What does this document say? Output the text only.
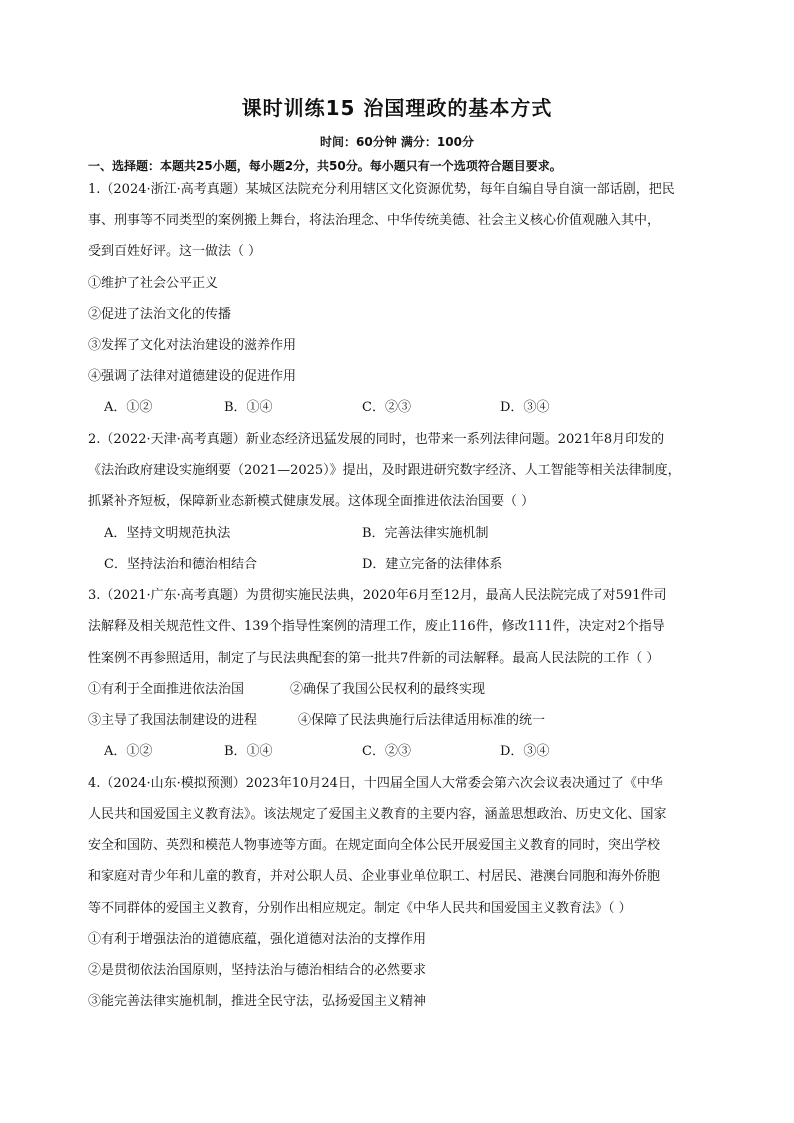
课时训练15 治国理政的基本方式
时间：60分钟 满分：100分
一、选择题：本题共25小题，每小题2分，共50分。每小题只有一个选项符合题目要求。
1.（2024·浙江·高考真题）某城区法院充分利用辖区文化资源优势，每年自编自导自演一部话剧，把民
事、刑事等不同类型的案例搬上舞台，将法治理念、中华传统美德、社会主义核心价值观融入其中，
受到百姓好评。这一做法（ ）
①维护了社会公平正义
②促进了法治文化的传播
③发挥了文化对法治建设的滋养作用
④强调了法律对道德建设的促进作用
A．①②	B．①④	C．②③	D．③④
2.（2022·天津·高考真题）新业态经济迅猛发展的同时，也带来一系列法律问题。2021年8月印发的
《法治政府建设实施纲要（2021—2025）》提出，及时跟进研究数字经济、人工智能等相关法律制度，
抓紧补齐短板，保障新业态新模式健康发展。这体现全面推进依法治国要（ ）
A．坚持文明规范执法	B．完善法律实施机制
C．坚持法治和德治相结合	D．建立完备的法律体系
3.（2021·广东·高考真题）为贯彻实施民法典，2020年6月至12月，最高人民法院完成了对591件司
法解释及相关规范性文件、139个指导性案例的清理工作，废止116件，修改111件，决定对2个指导
性案例不再参照适用，制定了与民法典配套的第一批共7件新的司法解释。最高人民法院的工作（ ）
①有利于全面推进依法治国	②确保了我国公民权利的最终实现
③主导了我国法制建设的进程	④保障了民法典施行后法律适用标准的统一
A．①②	B．①④	C．②③	D．③④
4.（2024·山东·模拟预测）2023年10月24日，十四届全国人大常委会第六次会议表决通过了《中华
人民共和国爱国主义教育法》。该法规定了爱国主义教育的主要内容，涵盖思想政治、历史文化、国家
安全和国防、英烈和模范人物事迹等方面。在规定面向全体公民开展爱国主义教育的同时，突出学校
和家庭对青少年和儿童的教育，并对公职人员、企业事业单位职工、村居民、港澳台同胞和海外侨胞
等不同群体的爱国主义教育，分别作出相应规定。制定《中华人民共和国爱国主义教育法》（ ）
①有利于增强法治的道德底蕴，强化道德对法治的支撑作用
②是贯彻依法治国原则，坚持法治与德治相结合的必然要求
③能完善法律实施机制，推进全民守法，弘扬爱国主义精神
